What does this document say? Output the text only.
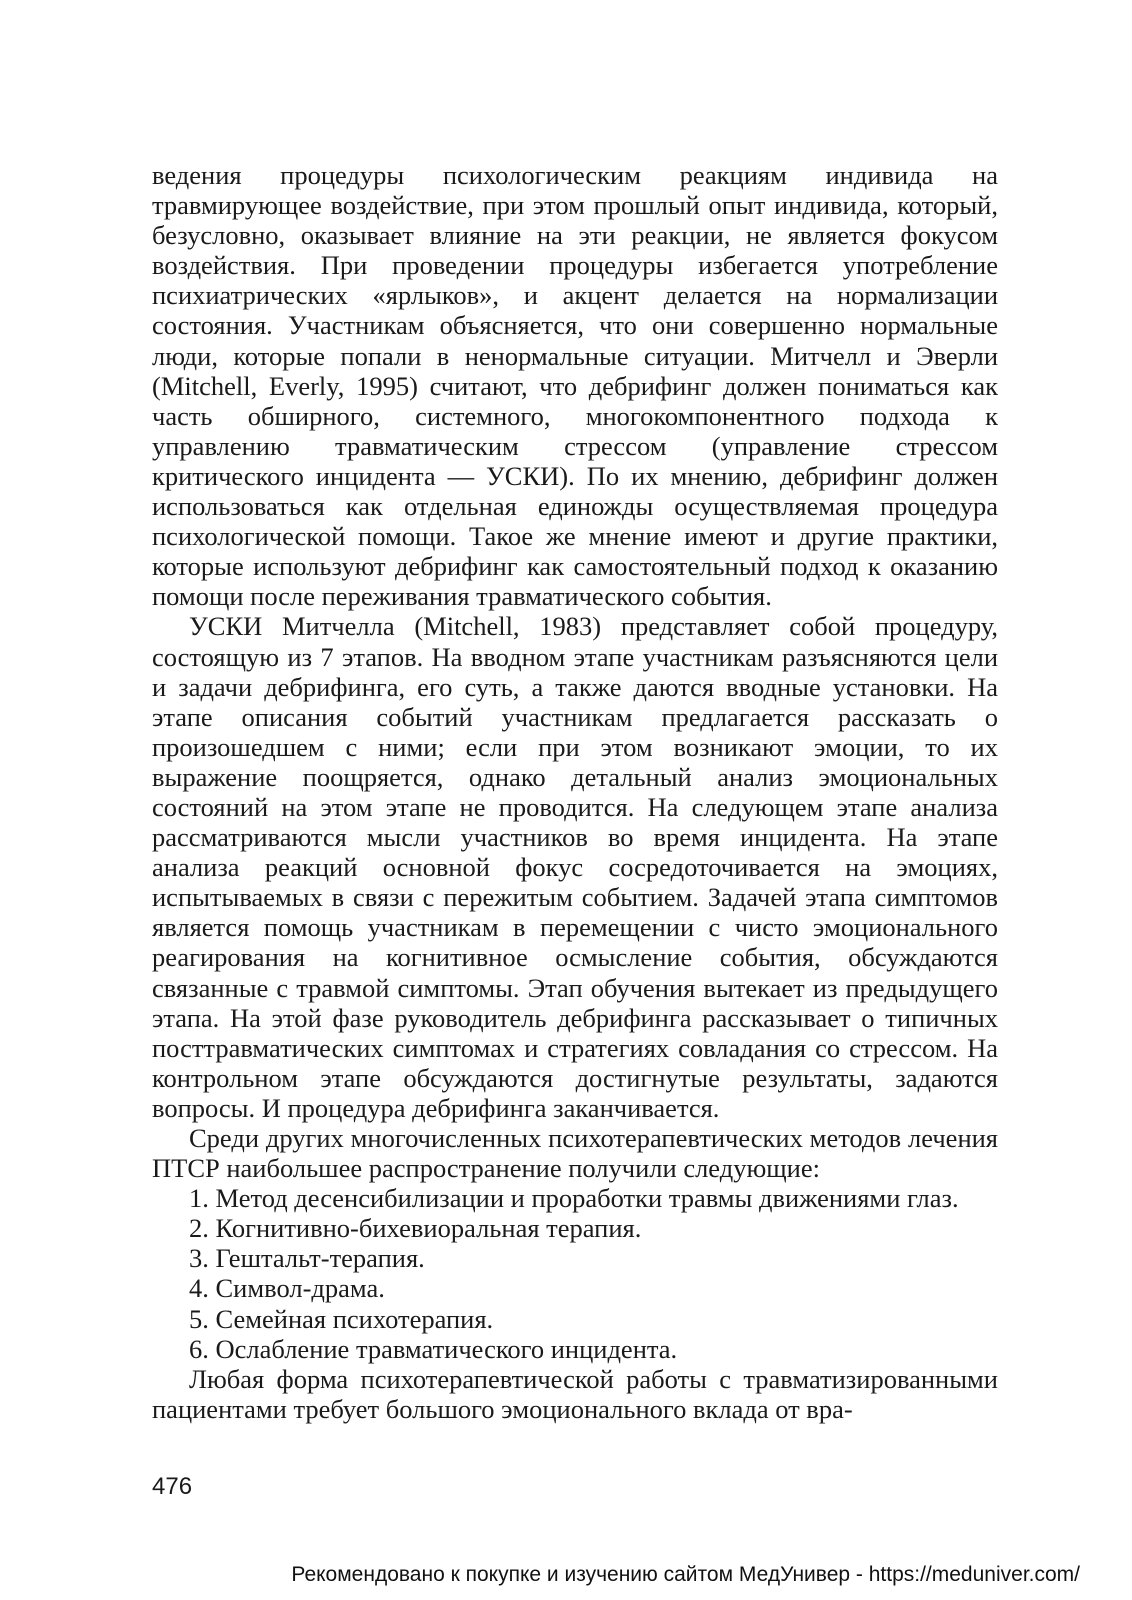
ведения процедуры психологическим реакциям индивида на травмирующее воздействие, при этом прошлый опыт индивида, который, безусловно, оказывает влияние на эти реакции, не является фокусом воздействия. При проведении процедуры избегается употребление психиатрических «ярлыков», и акцент делается на нормализации состояния. Участникам объясняется, что они совершенно нормальные люди, которые попали в ненормальные ситуации. Митчелл и Эверли (Mitchell, Everly, 1995) считают, что дебрифинг должен пониматься как часть обширного, системного, многокомпонентного подхода к управлению травматическим стрессом (управление стрессом критического инцидента — УСКИ). По их мнению, дебрифинг должен использоваться как отдельная единожды осуществляемая процедура психологической помощи. Такое же мнение имеют и другие практики, которые используют дебрифинг как самостоятельный подход к оказанию помощи после переживания травматического события.

УСКИ Митчелла (Mitchell, 1983) представляет собой процедуру, состоящую из 7 этапов. На вводном этапе участникам разъясняются цели и задачи дебрифинга, его суть, а также даются вводные установки. На этапе описания событий участникам предлагается рассказать о произошедшем с ними; если при этом возникают эмоции, то их выражение поощряется, однако детальный анализ эмоциональных состояний на этом этапе не проводится. На следующем этапе анализа рассматриваются мысли участников во время инцидента. На этапе анализа реакций основной фокус сосредоточивается на эмоциях, испытываемых в связи с пережитым событием. Задачей этапа симптомов является помощь участникам в перемещении с чисто эмоционального реагирования на когнитивное осмысление события, обсуждаются связанные с травмой симптомы. Этап обучения вытекает из предыдущего этапа. На этой фазе руководитель дебрифинга рассказывает о типичных посттравматических симптомах и стратегиях совладания со стрессом. На контрольном этапе обсуждаются достигнутые результаты, задаются вопросы. И процедура дебрифинга заканчивается.

Среди других многочисленных психотерапевтических методов лечения ПТСР наибольшее распространение получили следующие:

1. Метод десенсибилизации и проработки травмы движениями глаз.

2. Когнитивно-бихевиоральная терапия.

3. Гештальт-терапия.

4. Символ-драма.

5. Семейная психотерапия.

6. Ослабление травматического инцидента.

Любая форма психотерапевтической работы с травматизированными пациентами требует большого эмоционального вклада от вра-

476
Рекомендовано к покупке и изучению сайтом МедУнивер - https://meduniver.com/
